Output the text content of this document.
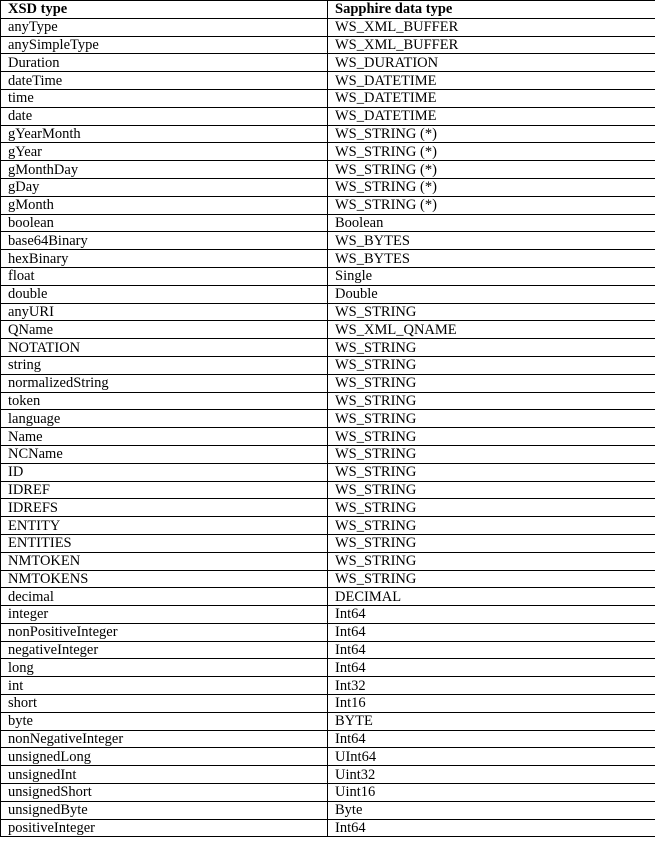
XSD type	Sapphire data type
anyType	WS_XML_BUFFER
anySimpleType	WS_XML_BUFFER
Duration	WS_DURATION
dateTime	WS_DATETIME
time	WS_DATETIME
date	WS_DATETIME
gYearMonth	WS_STRING (*)
gYear	WS_STRING (*)
gMonthDay	WS_STRING (*)
gDay	WS_STRING (*)
gMonth	WS_STRING (*)
boolean	Boolean
base64Binary	WS_BYTES
hexBinary	WS_BYTES
float	Single
double	Double
anyURI	WS_STRING
QName	WS_XML_QNAME
NOTATION	WS_STRING
string	WS_STRING
normalizedString	WS_STRING
token	WS_STRING
language	WS_STRING
Name	WS_STRING
NCName	WS_STRING
ID	WS_STRING
IDREF	WS_STRING
IDREFS	WS_STRING
ENTITY	WS_STRING
ENTITIES	WS_STRING
NMTOKEN	WS_STRING
NMTOKENS	WS_STRING
decimal	DECIMAL
integer	Int64
nonPositiveInteger	Int64
negativeInteger	Int64
long	Int64
int	Int32
short	Int16
byte	BYTE
nonNegativeInteger	Int64
unsignedLong	UInt64
unsignedInt	Uint32
unsignedShort	Uint16
unsignedByte	Byte
positiveInteger	Int64
